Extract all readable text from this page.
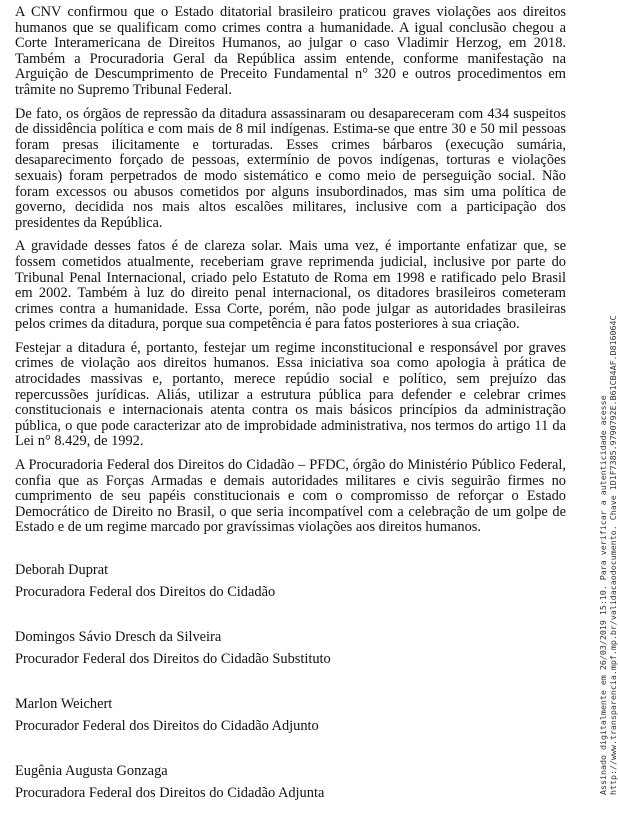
A CNV confirmou que o Estado ditatorial brasileiro praticou graves violações aos direitos humanos que se qualificam como crimes contra a humanidade. A igual conclusão chegou a Corte Interamericana de Direitos Humanos, ao julgar o caso Vladimir Herzog, em 2018. Também a Procuradoria Geral da República assim entende, conforme manifestação na Arguição de Descumprimento de Preceito Fundamental n° 320 e outros procedimentos em trâmite no Supremo Tribunal Federal.

De fato, os órgãos de repressão da ditadura assassinaram ou desapareceram com 434 suspeitos de dissidência política e com mais de 8 mil indígenas. Estima-se que entre 30 e 50 mil pessoas foram presas ilicitamente e torturadas. Esses crimes bárbaros (execução sumária, desaparecimento forçado de pessoas, extermínio de povos indígenas, torturas e violações sexuais) foram perpetrados de modo sistemático e como meio de perseguição social. Não foram excessos ou abusos cometidos por alguns insubordinados, mas sim uma política de governo, decidida nos mais altos escalões militares, inclusive com a participação dos presidentes da República.

A gravidade desses fatos é de clareza solar. Mais uma vez, é importante enfatizar que, se fossem cometidos atualmente, receberiam grave reprimenda judicial, inclusive por parte do Tribunal Penal Internacional, criado pelo Estatuto de Roma em 1998 e ratificado pelo Brasil em 2002. Também à luz do direito penal internacional, os ditadores brasileiros cometeram crimes contra a humanidade. Essa Corte, porém, não pode julgar as autoridades brasileiras pelos crimes da ditadura, porque sua competência é para fatos posteriores à sua criação.

Festejar a ditadura é, portanto, festejar um regime inconstitucional e responsável por graves crimes de violação aos direitos humanos. Essa iniciativa soa como apologia à prática de atrocidades massivas e, portanto, merece repúdio social e político, sem prejuízo das repercussões jurídicas. Aliás, utilizar a estrutura pública para defender e celebrar crimes constitucionais e internacionais atenta contra os mais básicos princípios da administração pública, o que pode caracterizar ato de improbidade administrativa, nos termos do artigo 11 da Lei n° 8.429, de 1992.

A Procuradoria Federal dos Direitos do Cidadão – PFDC, órgão do Ministério Público Federal, confia que as Forças Armadas e demais autoridades militares e civis seguirão firmes no cumprimento de seu papéis constitucionais e com o compromisso de reforçar o Estado Democrático de Direito no Brasil, o que seria incompatível com a celebração de um golpe de Estado e de um regime marcado por gravíssimas violações aos direitos humanos.

Deborah Duprat
Procuradora Federal dos Direitos do Cidadão
Domingos Sávio Dresch da Silveira
Procurador Federal dos Direitos do Cidadão Substituto
Marlon Weichert
Procurador Federal dos Direitos do Cidadão Adjunto
Eugênia Augusta Gonzaga
Procuradora Federal dos Direitos do Cidadão Adjunta	Assinado digitalmente em 26/03/2019 15:10. Para verificar a autenticidade acesse http://www.transparencia.mpf.mp.br/validacaodocumento. Chave 1D1F7385.9790792E.B61CB4AF.D816064C
